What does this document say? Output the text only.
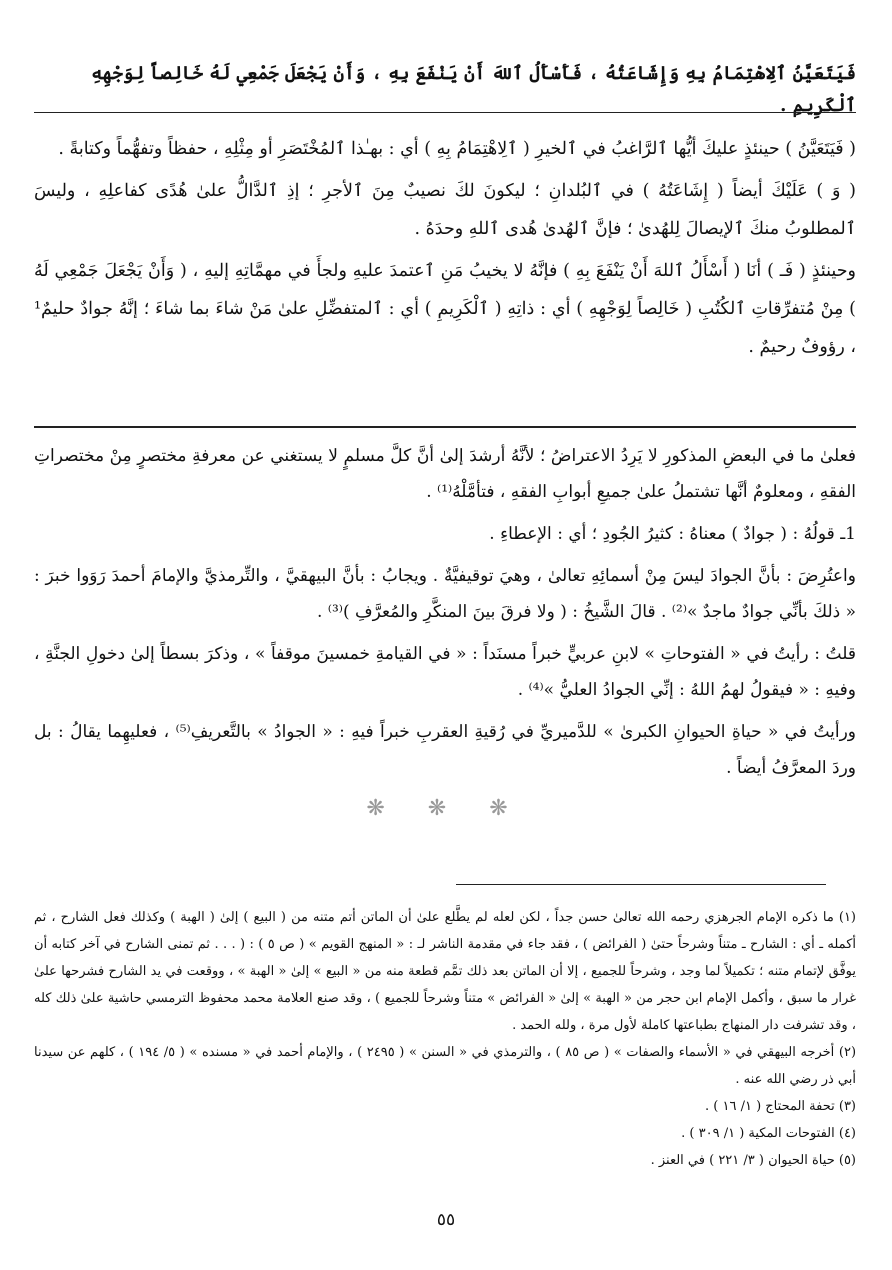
فَيَتَعَيَّنُ ٱلِاهْتِمَامُ بِهِ وَإِشَاعَتُهُ ، فَأَسْأَلُ ٱللهَ أَنْ يَنْفَعَ بِهِ ، وَأَنْ يَجْعَلَ جَمْعِي لَهُ خَالِصاً لِوَجْهِهِ ٱلْكَرِيمِ .

( فَيَتَعَيَّنُ ) حينئذٍ عليكَ أيُّها ٱلرَّاغبُ في ٱلخيرِ ( ٱلِاهْتِمَامُ بِهِ ) أي : بهـٰذا ٱلمُخْتَصَرِ أو مِثْلِهِ ، حفظاً وتفهُّماً وكتابةً .

( وَ ) عَلَيْكَ أيضاً ( إِشَاعَتُهُ ) في ٱلبُلدانِ ؛ ليكونَ لكَ نصيبٌ مِنَ ٱلأجرِ ؛ إذِ ٱلدَّالُّ علىٰ هُدًى كفاعلِهِ ، وليسَ ٱلمطلوبُ منكَ ٱلإيصالَ لِلهُدىٰ ؛ فإنَّ ٱلهُدىٰ هُدى ٱللهِ وحدَهُ .

وحينئذٍ ( فَـ ) أنَا ( أَسْأَلُ ٱللهَ أَنْ يَنْفَعَ بِهِ ) فإنَّهُ لا يخيبُ مَنِ ٱعتمدَ عليهِ ولجأَ في مهمَّاتِهِ إليهِ ، ( وَأَنْ يَجْعَلَ جَمْعِي لَهُ ) مِنْ مُتفرِّقاتِ ٱلكُتُبِ ( خَالِصاً لِوَجْهِهِ ) أي : ذاتِهِ ( ٱلْكَرِيمِ ) أي : ٱلمتفضِّلِ علىٰ مَنْ شاءَ بما شاءَ ؛ إنَّهُ جوادٌ حليمٌ¹ ، رؤوفٌ رحيمٌ .

فعلىٰ ما في البعضِ المذكورِ لا يَرِدُ الاعتراضُ ؛ لأنَّهُ أرشدَ إلىٰ أنَّ كلَّ مسلمٍ لا يستغني عن معرفةِ مختصرٍ مِنْ مختصراتِ الفقهِ ، ومعلومٌ أنَّها تشتملُ علىٰ جميعِ أبوابِ الفقهِ ، فتأمَّلْهُ⁽¹⁾ .

1ـ قولُهُ : ( جوادٌ ) معناهُ : كثيرُ الجُودِ ؛ أي : الإعطاءِ .

واعتُرِضَ : بأنَّ الجوادَ ليسَ مِنْ أسمائِهِ تعالىٰ ، وهيَ توقيفيَّةٌ . ويجابُ : بأنَّ البيهقيَّ ، والتِّرمذيَّ والإمامَ أحمدَ رَوَوا خبرَ : « ذلكَ بأنِّي جوادٌ ماجدٌ »⁽²⁾ . قالَ الشَّيخُ : ( ولا فرقَ بينَ المنكَّرِ والمُعرَّفِ )⁽³⁾ .

قلتُ : رأيتُ في « الفتوحاتِ » لابنِ عربيٍّ خبراً مسنَداً : « في القيامةِ خمسينَ موقفاً » ، وذكرَ بسطاً إلىٰ دخولِ الجنَّةِ ، وفيهِ : « فيقولُ لهمُ اللهُ : إنِّي الجوادُ العليُّ »⁽⁴⁾ .

ورأيتُ في « حياةِ الحيوانِ الكبرىٰ » للدَّميريِّ في رُقيةِ العقربِ خبراً فيهِ : « الجوادُ » بالتَّعريفِ⁽⁵⁾ ، فعليهِما يقالُ : بل وردَ المعرَّفُ أيضاً .

❋ ❋ ❋

(١) ما ذكره الإمام الجرهزي رحمه الله تعالىٰ حسن جداً ، لكن لعله لم يطَّلع علىٰ أن الماتن أتم متنه من ( البيع ) إلىٰ ( الهبة ) وكذلك فعل الشارح ، ثم أكمله ـ أي : الشارح ـ متناً وشرحاً حتىٰ ( الفرائض ) ، فقد جاء في مقدمة الناشر لـ : « المنهج القويم » ( ص ٥ ) : ( . . . ثم تمنى الشارح في آخر كتابه أن يوفَّق لإتمام متنه ؛ تكميلاً لما وجد ، وشرحاً للجميع ، إلا أن الماتن بعد ذلك تمَّم قطعة منه من « البيع » إلىٰ « الهبة » ، ووقعت في يد الشارح فشرحها علىٰ غرار ما سبق ، وأكمل الإمام ابن حجر من « الهبة » إلىٰ « الفرائض » متناً وشرحاً للجميع ) ، وقد صنع العلامة محمد محفوظ الترمسي حاشية علىٰ ذلك كله ، وقد تشرفت دار المنهاج بطباعتها كاملة لأول مرة ، ولله الحمد .

(٢) أخرجه البيهقي في « الأسماء والصفات » ( ص ٨٥ ) ، والترمذي في « السنن » ( ٢٤٩٥ ) ، والإمام أحمد في « مسنده » ( ٥/ ١٩٤ ) ، كلهم عن سيدنا أبي ذر رضي الله عنه .

(٣) تحفة المحتاج ( ١/ ١٦ ) .

(٤) الفتوحات المكية ( ١/ ٣٠٩ ) .

(٥) حياة الحيوان ( ٣/ ٢٢١ ) في العنز .

٥٥
